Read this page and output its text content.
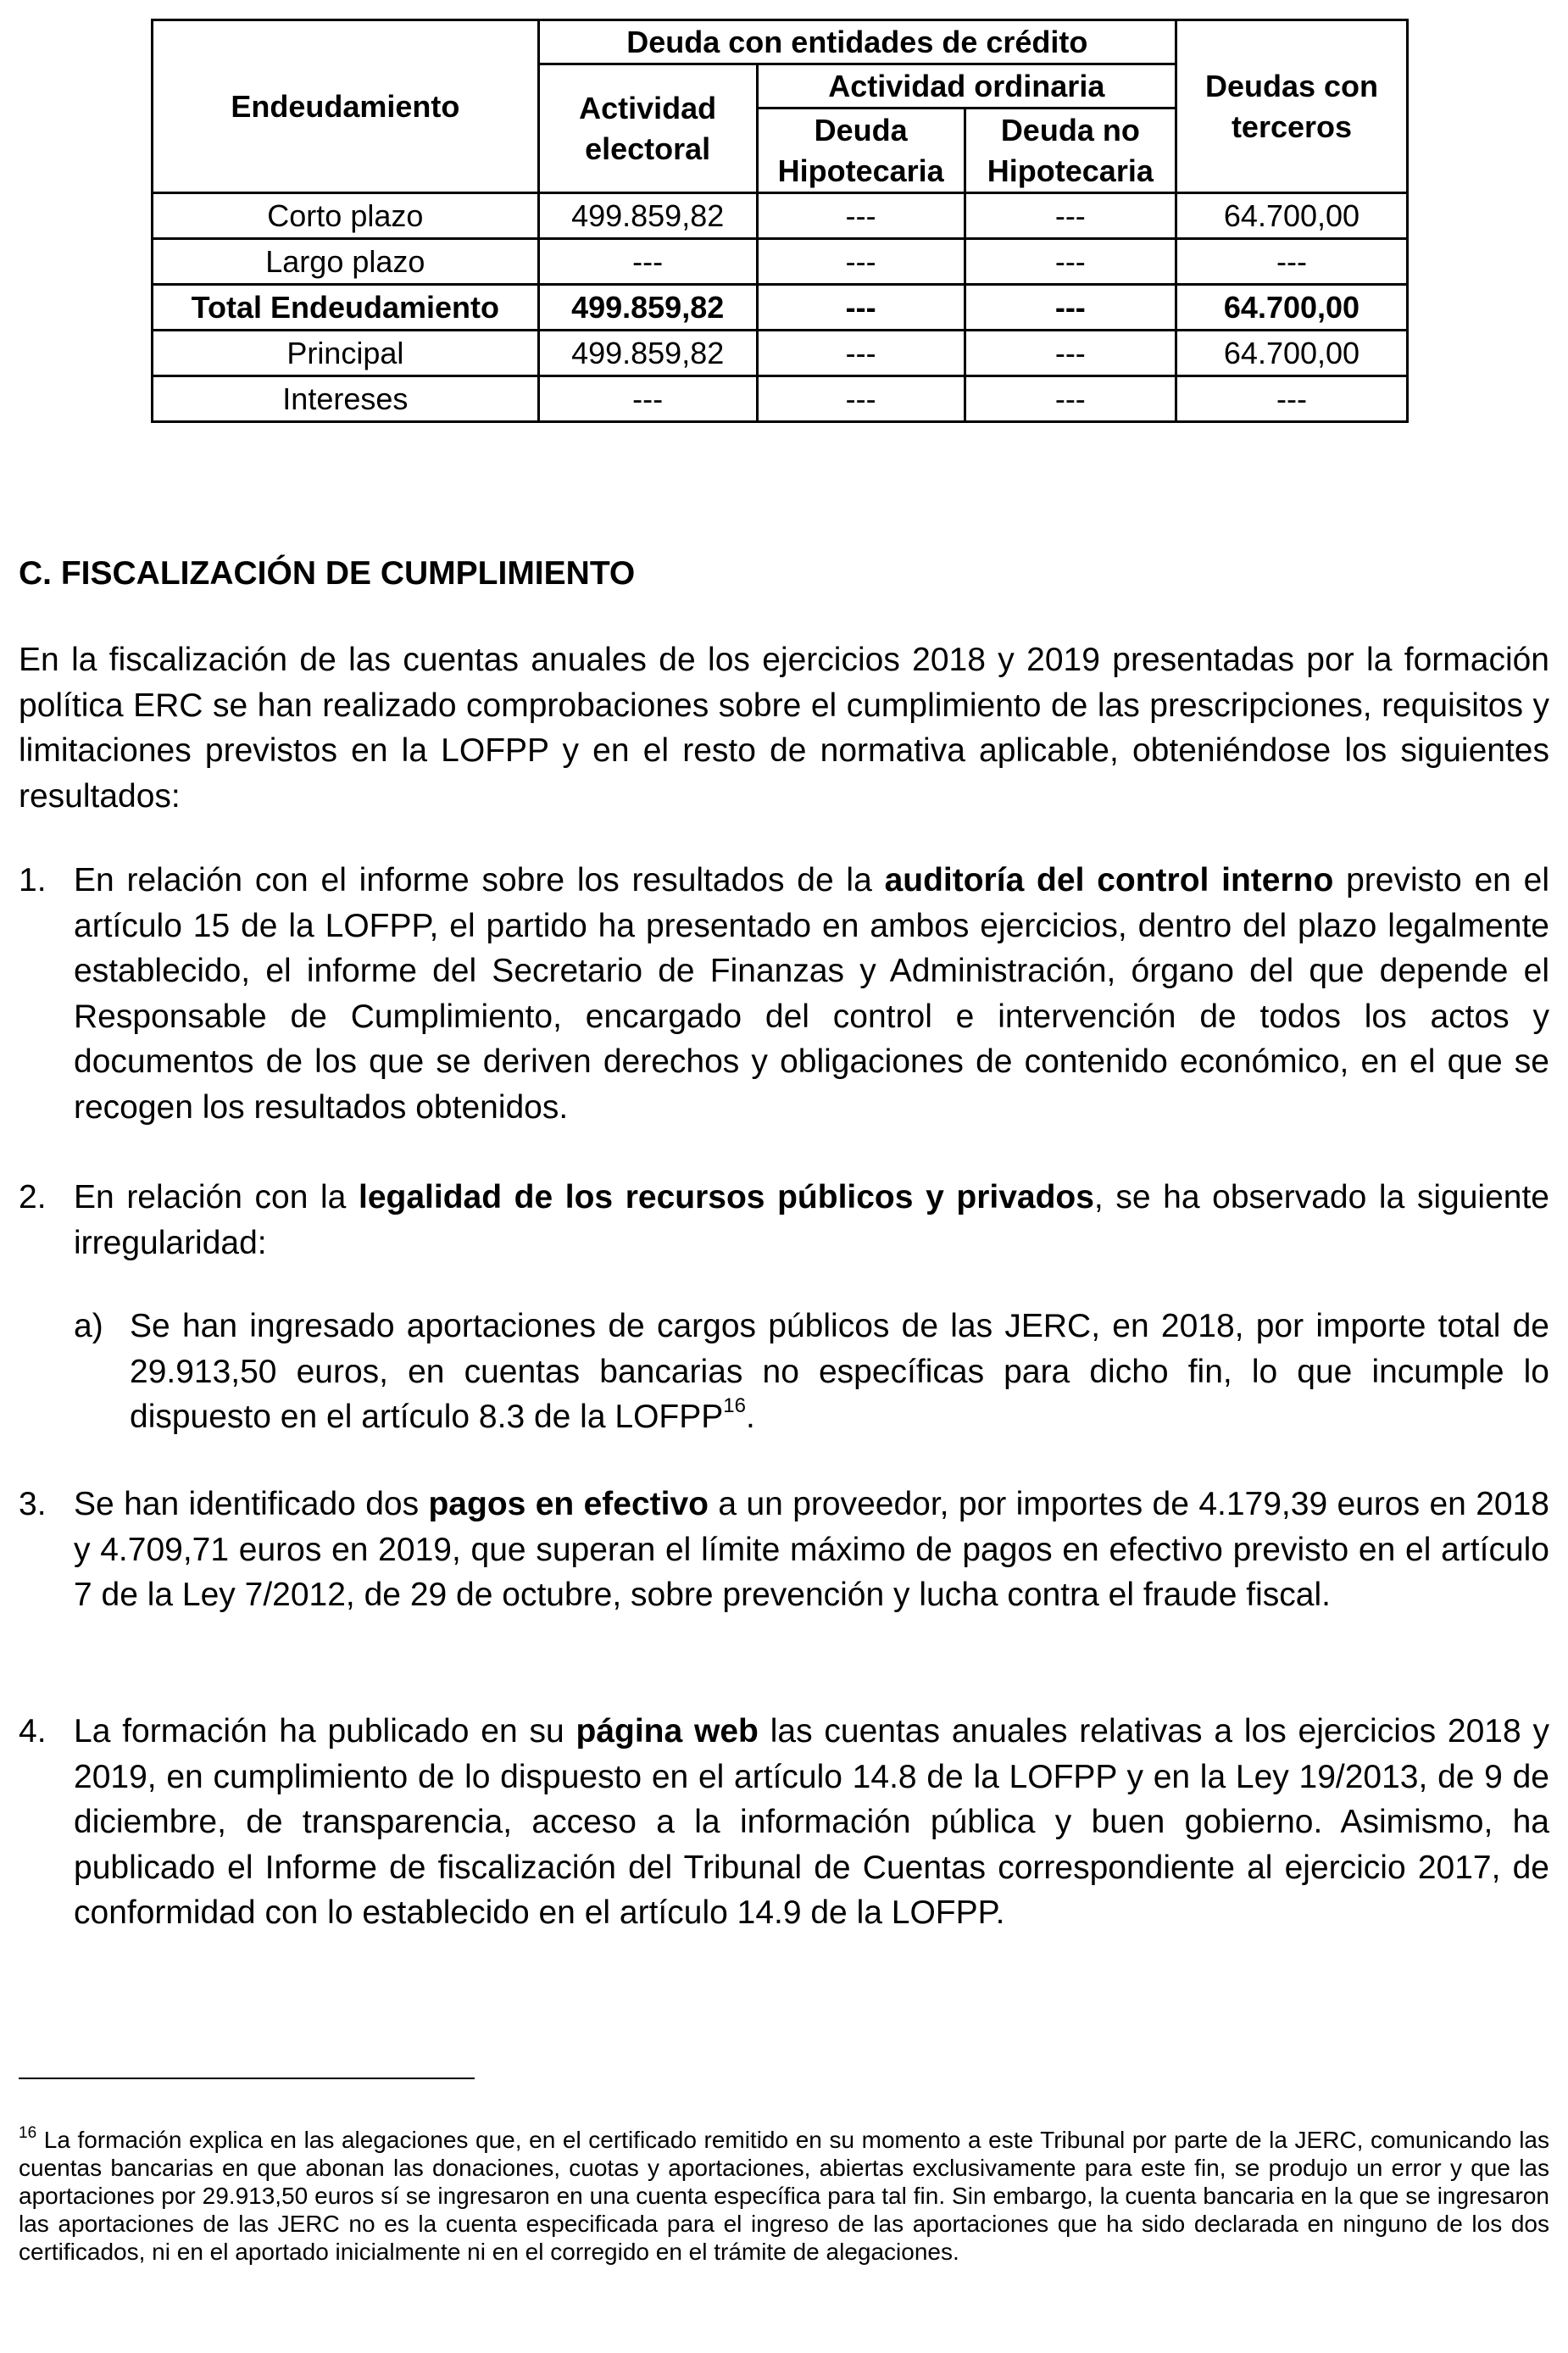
Endeudamiento	Deuda con entidades de crédito			Deudas con terceros
	Actividad electoral	Actividad ordinaria		
		Deuda Hipotecaria	Deuda no Hipotecaria	
Corto plazo	499.859,82	---	---	64.700,00
Largo plazo	---	---	---	---
Total Endeudamiento	499.859,82	---	---	64.700,00
Principal	499.859,82	---	---	64.700,00
Intereses	---	---	---	---
C. FISCALIZACIÓN DE CUMPLIMIENTO
En la fiscalización de las cuentas anuales de los ejercicios 2018 y 2019 presentadas por la formación política ERC se han realizado comprobaciones sobre el cumplimiento de las prescripciones, requisitos y limitaciones previstos en la LOFPP y en el resto de normativa aplicable, obteniéndose los siguientes resultados:
1. En relación con el informe sobre los resultados de la auditoría del control interno previsto en el artículo 15 de la LOFPP, el partido ha presentado en ambos ejercicios, dentro del plazo legalmente establecido, el informe del Secretario de Finanzas y Administración, órgano del que depende el Responsable de Cumplimiento, encargado del control e intervención de todos los actos y documentos de los que se deriven derechos y obligaciones de contenido económico, en el que se recogen los resultados obtenidos.
2. En relación con la legalidad de los recursos públicos y privados, se ha observado la siguiente irregularidad:
a) Se han ingresado aportaciones de cargos públicos de las JERC, en 2018, por importe total de 29.913,50 euros, en cuentas bancarias no específicas para dicho fin, lo que incumple lo dispuesto en el artículo 8.3 de la LOFPP$^{16}$.
3. Se han identificado dos pagos en efectivo a un proveedor, por importes de 4.179,39 euros en 2018 y 4.709,71 euros en 2019, que superan el límite máximo de pagos en efectivo previsto en el artículo 7 de la Ley 7/2012, de 29 de octubre, sobre prevención y lucha contra el fraude fiscal.
4. La formación ha publicado en su página web las cuentas anuales relativas a los ejercicios 2018 y 2019, en cumplimiento de lo dispuesto en el artículo 14.8 de la LOFPP y en la Ley 19/2013, de 9 de diciembre, de transparencia, acceso a la información pública y buen gobierno. Asimismo, ha publicado el Informe de fiscalización del Tribunal de Cuentas correspondiente al ejercicio 2017, de conformidad con lo establecido en el artículo 14.9 de la LOFPP.
$^{16}$ La formación explica en las alegaciones que, en el certificado remitido en su momento a este Tribunal por parte de la JERC, comunicando las cuentas bancarias en que abonan las donaciones, cuotas y aportaciones, abiertas exclusivamente para este fin, se produjo un error y que las aportaciones por 29.913,50 euros sí se ingresaron en una cuenta específica para tal fin. Sin embargo, la cuenta bancaria en la que se ingresaron las aportaciones de las JERC no es la cuenta especificada para el ingreso de las aportaciones que ha sido declarada en ninguno de los dos certificados, ni en el aportado inicialmente ni en el corregido en el trámite de alegaciones.
